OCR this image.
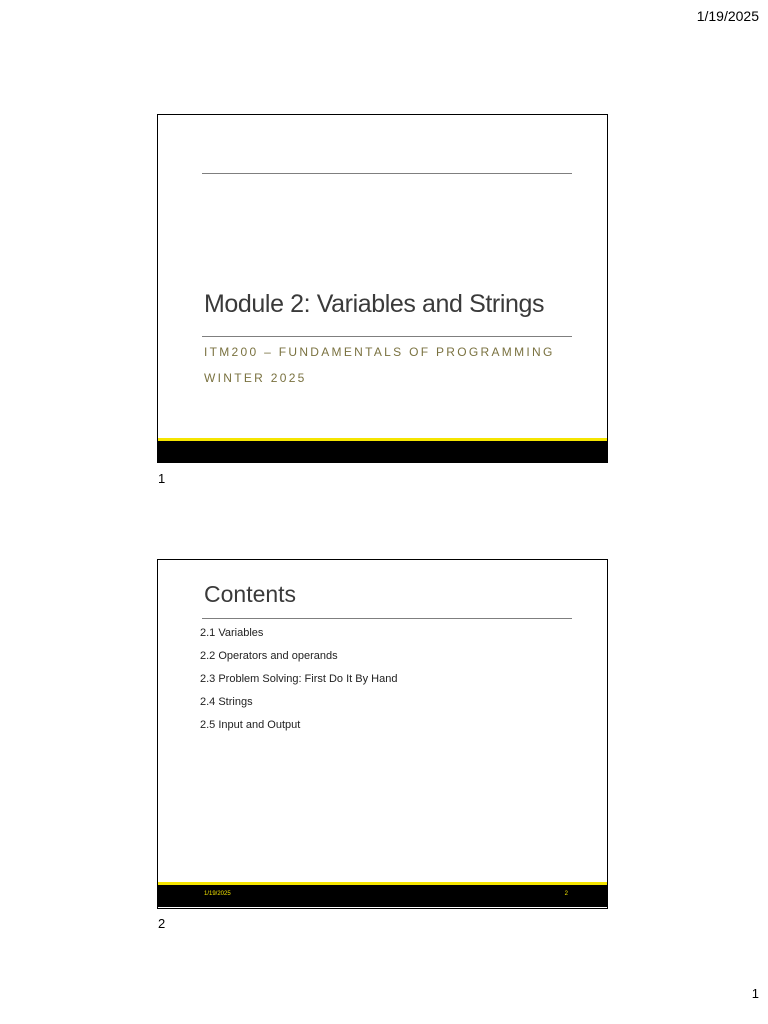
1/19/2025
Module 2: Variables and Strings
ITM200 – FUNDAMENTALS OF PROGRAMMING
WINTER 2025
1
Contents
2.1 Variables
2.2 Operators and operands
2.3 Problem Solving: First Do It By Hand
2.4 Strings
2.5 Input and Output
1/19/2025	2
2
1
